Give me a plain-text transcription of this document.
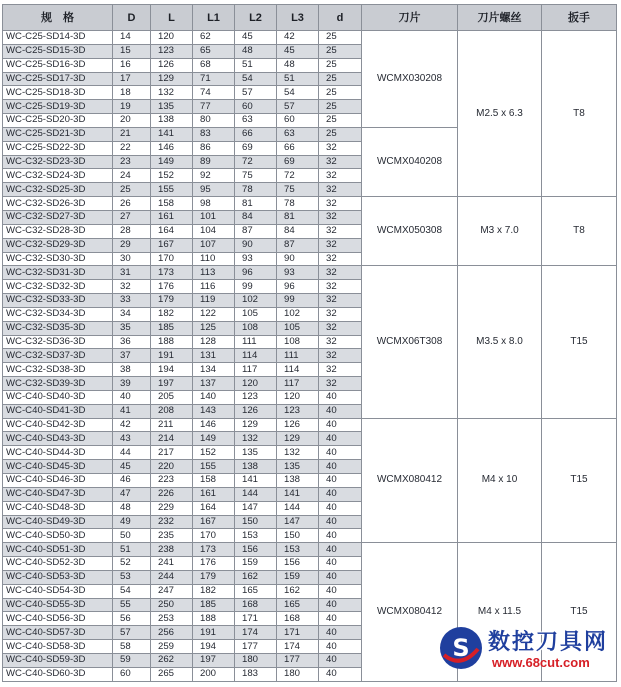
规　格	D	L	L1	L2	L3	d	刀片	刀片螺丝	扳手
WC-C25-SD14-3D	14	120	62	45	42	25	WCMX030208	M2.5 x 6.3	T8
WC-C25-SD15-3D	15	123	65	48	45	25			
WC-C25-SD16-3D	16	126	68	51	48	25			
WC-C25-SD17-3D	17	129	71	54	51	25			
WC-C25-SD18-3D	18	132	74	57	54	25			
WC-C25-SD19-3D	19	135	77	60	57	25			
WC-C25-SD20-3D	20	138	80	63	60	25			
WC-C25-SD21-3D	21	141	83	66	63	25	WCMX040208		
WC-C25-SD22-3D	22	146	86	69	66	32			
WC-C32-SD23-3D	23	149	89	72	69	32			
WC-C32-SD24-3D	24	152	92	75	72	32			
WC-C32-SD25-3D	25	155	95	78	75	32			
WC-C32-SD26-3D	26	158	98	81	78	32	WCMX050308	M3 x 7.0	T8
WC-C32-SD27-3D	27	161	101	84	81	32			
WC-C32-SD28-3D	28	164	104	87	84	32			
WC-C32-SD29-3D	29	167	107	90	87	32			
WC-C32-SD30-3D	30	170	110	93	90	32			
WC-C32-SD31-3D	31	173	113	96	93	32	WCMX06T308	M3.5 x 8.0	T15
WC-C32-SD32-3D	32	176	116	99	96	32			
WC-C32-SD33-3D	33	179	119	102	99	32			
WC-C32-SD34-3D	34	182	122	105	102	32			
WC-C32-SD35-3D	35	185	125	108	105	32			
WC-C32-SD36-3D	36	188	128	111	108	32			
WC-C32-SD37-3D	37	191	131	114	111	32			
WC-C32-SD38-3D	38	194	134	117	114	32			
WC-C32-SD39-3D	39	197	137	120	117	32			
WC-C40-SD40-3D	40	205	140	123	120	40			
WC-C40-SD41-3D	41	208	143	126	123	40			
WC-C40-SD42-3D	42	211	146	129	126	40	WCMX080412	M4 x 10	T15
WC-C40-SD43-3D	43	214	149	132	129	40			
WC-C40-SD44-3D	44	217	152	135	132	40			
WC-C40-SD45-3D	45	220	155	138	135	40			
WC-C40-SD46-3D	46	223	158	141	138	40			
WC-C40-SD47-3D	47	226	161	144	141	40			
WC-C40-SD48-3D	48	229	164	147	144	40			
WC-C40-SD49-3D	49	232	167	150	147	40			
WC-C40-SD50-3D	50	235	170	153	150	40			
WC-C40-SD51-3D	51	238	173	156	153	40	WCMX080412	M4 x 11.5	T15
WC-C40-SD52-3D	52	241	176	159	156	40			
WC-C40-SD53-3D	53	244	179	162	159	40			
WC-C40-SD54-3D	54	247	182	165	162	40			
WC-C40-SD55-3D	55	250	185	168	165	40			
WC-C40-SD56-3D	56	253	188	171	168	40			
WC-C40-SD57-3D	57	256	191	174	171	40			
WC-C40-SD58-3D	58	259	194	177	174	40			
WC-C40-SD59-3D	59	262	197	180	177	40			
WC-C40-SD60-3D	60	265	200	183	180	40			
S 数控刀具网
www.68cut.com
